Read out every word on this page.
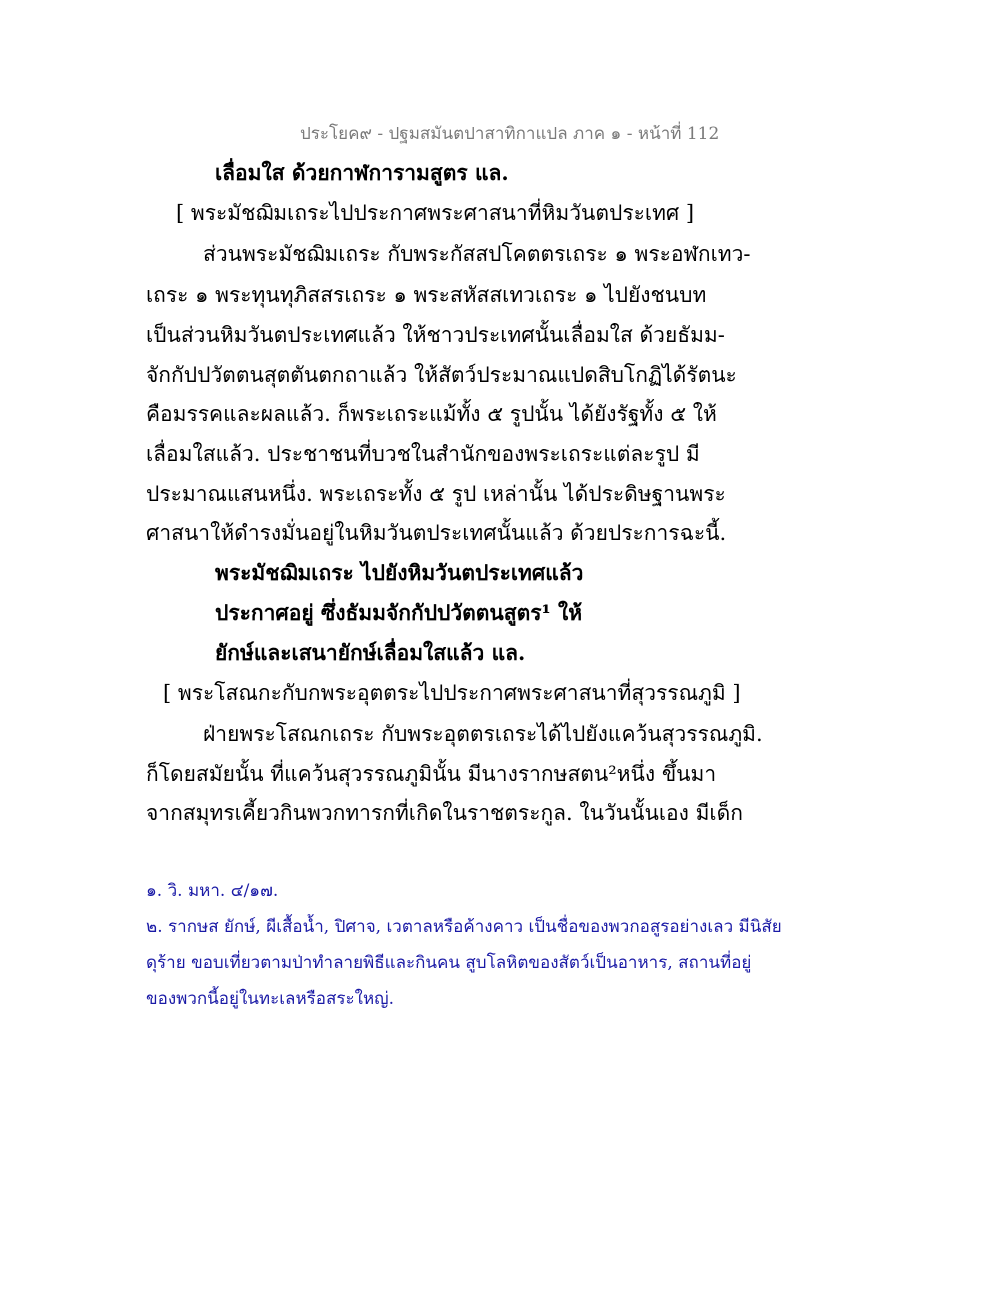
ประโยค๙ - ปฐมสมันตปาสาทิกาแปล ภาค ๑ - หน้าที่ 112
เลื่อมใส ด้วยกาฬการามสูตร แล.
[ พระมัชฌิมเถระไปประกาศพระศาสนาที่หิมวันตประเทศ ]
ส่วนพระมัชฌิมเถระ กับพระกัสสปโคตตรเถระ ๑ พระอฬกเทว-
เถระ ๑ พระทุนทุภิสสรเถระ ๑ พระสหัสสเทวเถระ ๑ ไปยังชนบท
เป็นส่วนหิมวันตประเทศแล้ว ให้ชาวประเทศนั้นเลื่อมใส ด้วยธัมม-
จักกัปปวัตตนสุตตันตกถาแล้ว ให้สัตว์ประมาณแปดสิบโกฏิได้รัตนะ
คือมรรคและผลแล้ว. ก็พระเถระแม้ทั้ง ๕ รูปนั้น ได้ยังรัฐทั้ง ๕ ให้
เลื่อมใสแล้ว. ประชาชนที่บวชในสำนักของพระเถระแต่ละรูป มี
ประมาณแสนหนึ่ง. พระเถระทั้ง ๕ รูป เหล่านั้น ได้ประดิษฐานพระ
ศาสนาให้ดำรงมั่นอยู่ในหิมวันตประเทศนั้นแล้ว ด้วยประการฉะนี้.
พระมัชฌิมเถระ ไปยังหิมวันตประเทศแล้ว
ประกาศอยู่ ซึ่งธัมมจักกัปปวัตตนสูตร¹ ให้
ยักษ์และเสนายักษ์เลื่อมใสแล้ว แล.
[ พระโสณกะกับกพระอุตตระไปประกาศพระศาสนาที่สุวรรณภูมิ ]
ฝ่ายพระโสณกเถระ กับพระอุตตรเถระได้ไปยังแคว้นสุวรรณภูมิ.
ก็โดยสมัยนั้น ที่แคว้นสุวรรณภูมินั้น มีนางรากษสตน²หนึ่ง ขึ้นมา
จากสมุทรเคี้ยวกินพวกทารกที่เกิดในราชตระกูล. ในวันนั้นเอง มีเด็ก
๑. วิ. มหา. ๔/๑๗.
๒. รากษส ยักษ์, ผีเสื้อน้ำ, ปิศาจ, เวตาลหรือค้างคาว เป็นชื่อของพวกอสูรอย่างเลว มีนิสัย
ดุร้าย ขอบเที่ยวตามป่าทำลายพิธีและกินคน สูบโลหิตของสัตว์เป็นอาหาร, สถานที่อยู่
ของพวกนี้อยู่ในทะเลหรือสระใหญ่.
